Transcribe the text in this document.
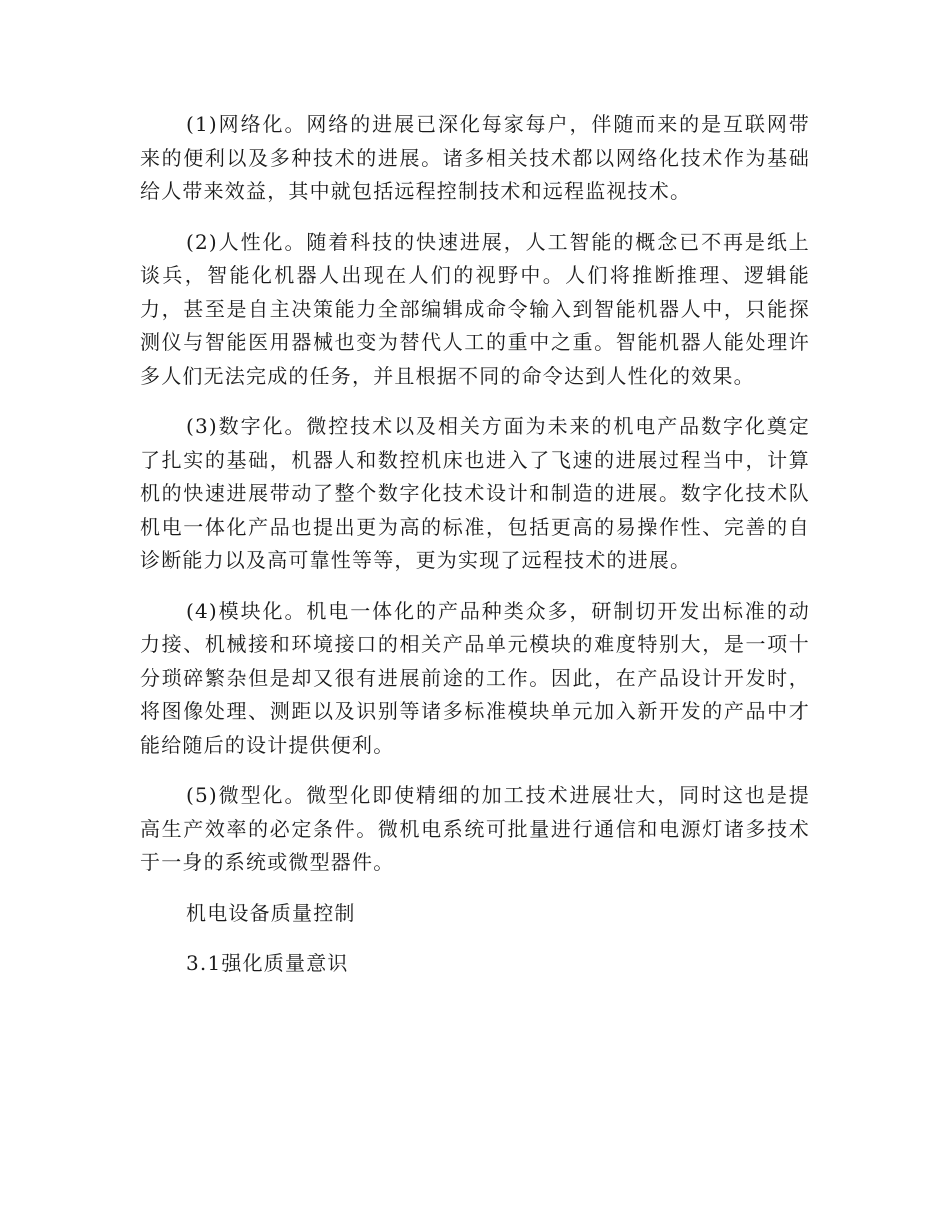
(1)网络化。网络的进展已深化每家每户，伴随而来的是互联网带来的便利以及多种技术的进展。诸多相关技术都以网络化技术作为基础给人带来效益，其中就包括远程控制技术和远程监视技术。

(2)人性化。随着科技的快速进展，人工智能的概念已不再是纸上谈兵，智能化机器人出现在人们的视野中。人们将推断推理、逻辑能力，甚至是自主决策能力全部编辑成命令输入到智能机器人中，只能探测仪与智能医用器械也变为替代人工的重中之重。智能机器人能处理许多人们无法完成的任务，并且根据不同的命令达到人性化的效果。

(3)数字化。微控技术以及相关方面为未来的机电产品数字化奠定了扎实的基础，机器人和数控机床也进入了飞速的进展过程当中，计算机的快速进展带动了整个数字化技术设计和制造的进展。数字化技术队机电一体化产品也提出更为高的标准，包括更高的易操作性、完善的自诊断能力以及高可靠性等等，更为实现了远程技术的进展。

(4)模块化。机电一体化的产品种类众多，研制切开发出标准的动力接、机械接和环境接口的相关产品单元模块的难度特别大，是一项十分琐碎繁杂但是却又很有进展前途的工作。因此，在产品设计开发时，将图像处理、测距以及识别等诸多标准模块单元加入新开发的产品中才能给随后的设计提供便利。

(5)微型化。微型化即使精细的加工技术进展壮大，同时这也是提高生产效率的必定条件。微机电系统可批量进行通信和电源灯诸多技术于一身的系统或微型器件。

机电设备质量控制

3.1强化质量意识
